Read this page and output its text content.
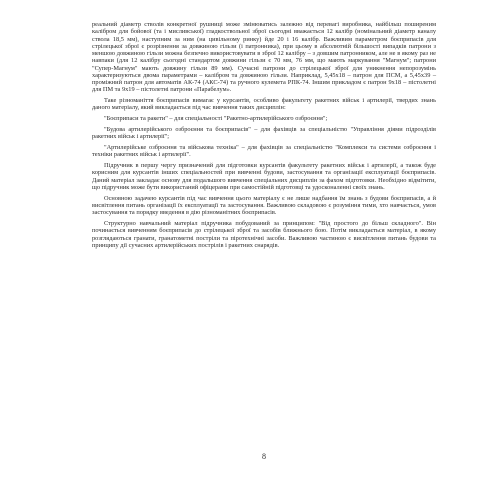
реальний діаметр стволів конкретної рушниці може змінюватись залежно від перевагі виробника, найбільш поширеним калібром для бойової (та і мисливської) гладкоствольної зброї сьогодні вважається 12 калібр (номінальний діаметр каналу ствола 18,5 мм), наступним за ним (на цивільному ринку) йде 20 і 16 калібр. Важливим параметром боєприпасів для стрілецької зброї є розрізнення за довжиною гільзи (і патронника), при цьому в абсолютній більшості випадків патрони з меншою довжиною гільзи можна безпечно використовувати в зброї 12 калібру – з довшим патронником, але не в якому раз не навпаки (для 12 калібру сьогодні стандартом довжини гільзи є 70 мм, 76 мм, що мають маркування "Магнум"; патрони "Супер-Магнум" мають довжину гільзи 89 мм). Сучасні патрони до стрілецької зброї для уникнення непорозумінь характеризуються двома параметрами – калібром та довжиною гільзи. Наприклад, 5,45х18 – патрон для ПСМ, а 5,45х39 – проміжний патрон для автоматів АК-74 (АКС-74) та ручного кулемета РПК-74. Іншим прикладом є патрон 9х18 – пістолетні для ПМ та 9х19 – пістолетні патрони «Парабелум».

Таке різноманіття боєприпасів вимагає у курсантів, особливо факультету ракетних військ і артилерії, твердих знань даного матеріалу, який викладається під час вивчення таких дисциплін:

"Боєприпаси та ракети" – для спеціальності "Ракетно-артилерійського озброєння";

"Будова артилерійського озброєння та боєприпасів" – для фахівців за спеціальністю "Управління діями підрозділів ракетних військ і артилерії";

"Артилерійське озброєння та військова техніка" – для фахівців за спеціальністю "Комплекси та системи озброєння і техніки ракетних військ і артилерії".

Підручник в першу чергу призначений для підготовки курсантів факультету ракетних військ і артилерії, а також буде корисним для курсантів інших спеціальностей при вивченні будови, застосування та організації експлуатації боєприпасів. Даний матеріал закладає основу для подальшого вивчення спеціальних дисциплін за фахом підготовки. Необхідно відмітити, що підручник може бути використаний офіцерами при самостійній підготовці та удосконаленні своїх знань.

Основною задачею курсантів під час вивчення цього матеріалу є не лише надбання їм знань з будови боєприпасів, а й висвітлення питань організації їх експлуатації та застосування. Важливою складовою є розуміння тими, хто навчається, умов застосування та порядку введення в дію різноманітних боєприпасів.

Структурно навчальний матеріал підручника побудований за принципом: "Від простого до більш складного". Він починається вивченням боєприпасів до стрілецької зброї та засобів ближнього бою. Потім викладається матеріал, в якому розглядаються гранати, гранатометні постріли та піротехнічні засоби. Важливою частиною є висвітлення питань будови та принципу дії сучасних артилерійських пострілів і ракетних снарядів.

8
